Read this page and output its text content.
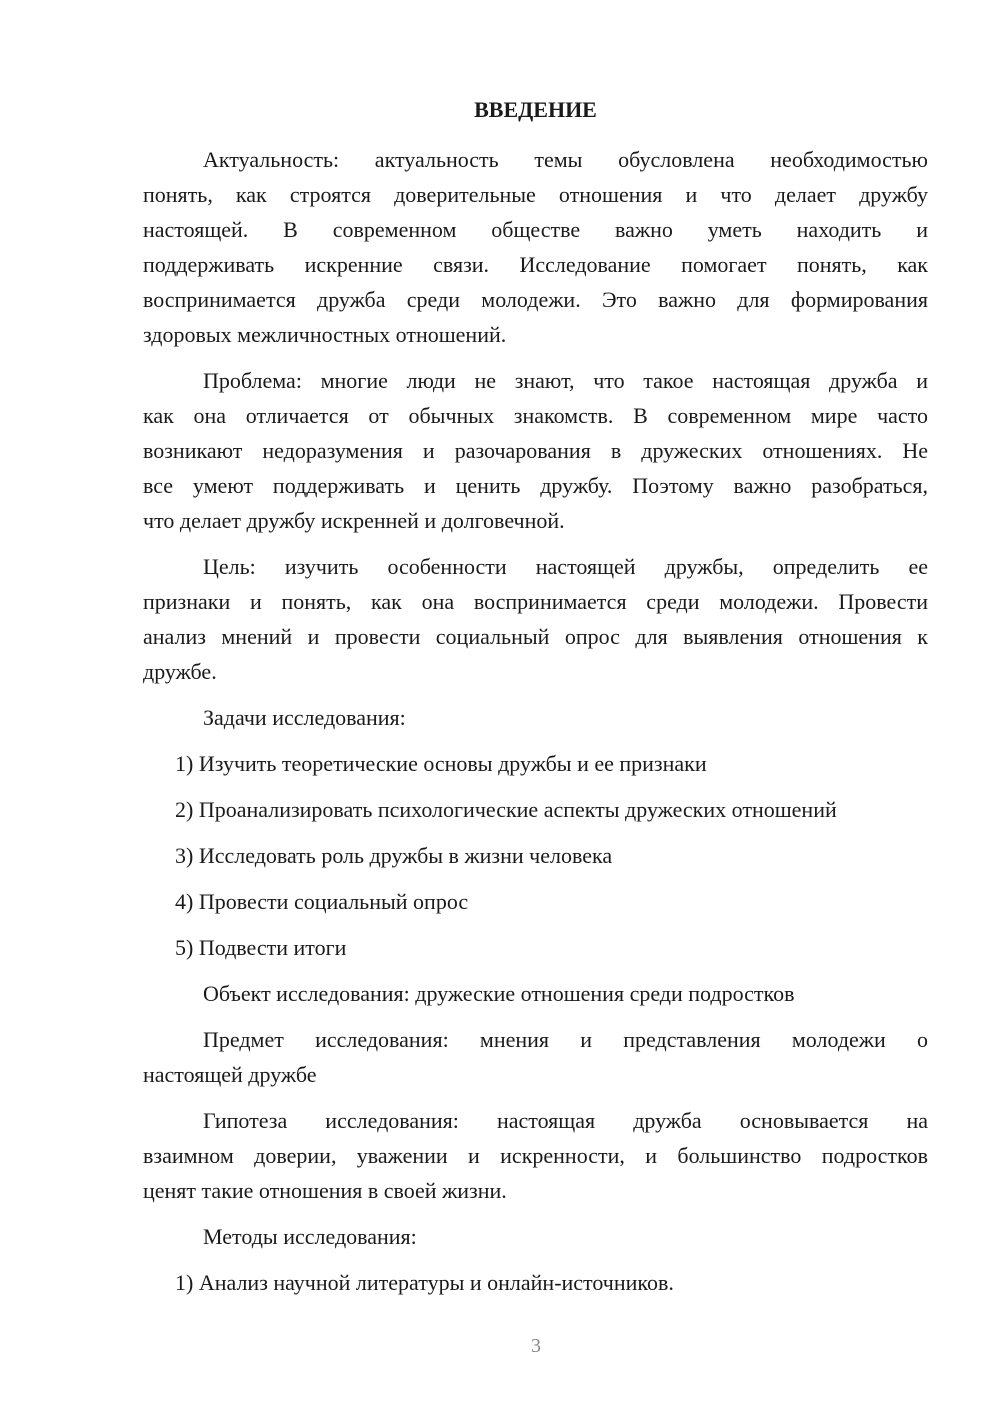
ВВЕДЕНИЕ
Актуальность: актуальность темы обусловлена необходимостью
понять, как строятся доверительные отношения и что делает дружбу
настоящей. В современном обществе важно уметь находить и
поддерживать искренние связи. Исследование помогает понять, как
воспринимается дружба среди молодежи. Это важно для формирования
здоровых межличностных отношений.
Проблема: многие люди не знают, что такое настоящая дружба и
как она отличается от обычных знакомств. В современном мире часто
возникают недоразумения и разочарования в дружеских отношениях. Не
все умеют поддерживать и ценить дружбу. Поэтому важно разобраться,
что делает дружбу искренней и долговечной.
Цель: изучить особенности настоящей дружбы, определить ее
признаки и понять, как она воспринимается среди молодежи. Провести
анализ мнений и провести социальный опрос для выявления отношения к
дружбе.
Задачи исследования:
1) Изучить теоретические основы дружбы и ее признаки
2) Проанализировать психологические аспекты дружеских отношений
3) Исследовать роль дружбы в жизни человека
4) Провести социальный опрос
5) Подвести итоги
Объект исследования: дружеские отношения среди подростков
Предмет исследования: мнения и представления молодежи о
настоящей дружбе
Гипотеза исследования: настоящая дружба основывается на
взаимном доверии, уважении и искренности, и большинство подростков
ценят такие отношения в своей жизни.
Методы исследования:
1) Анализ научной литературы и онлайн-источников.
3
